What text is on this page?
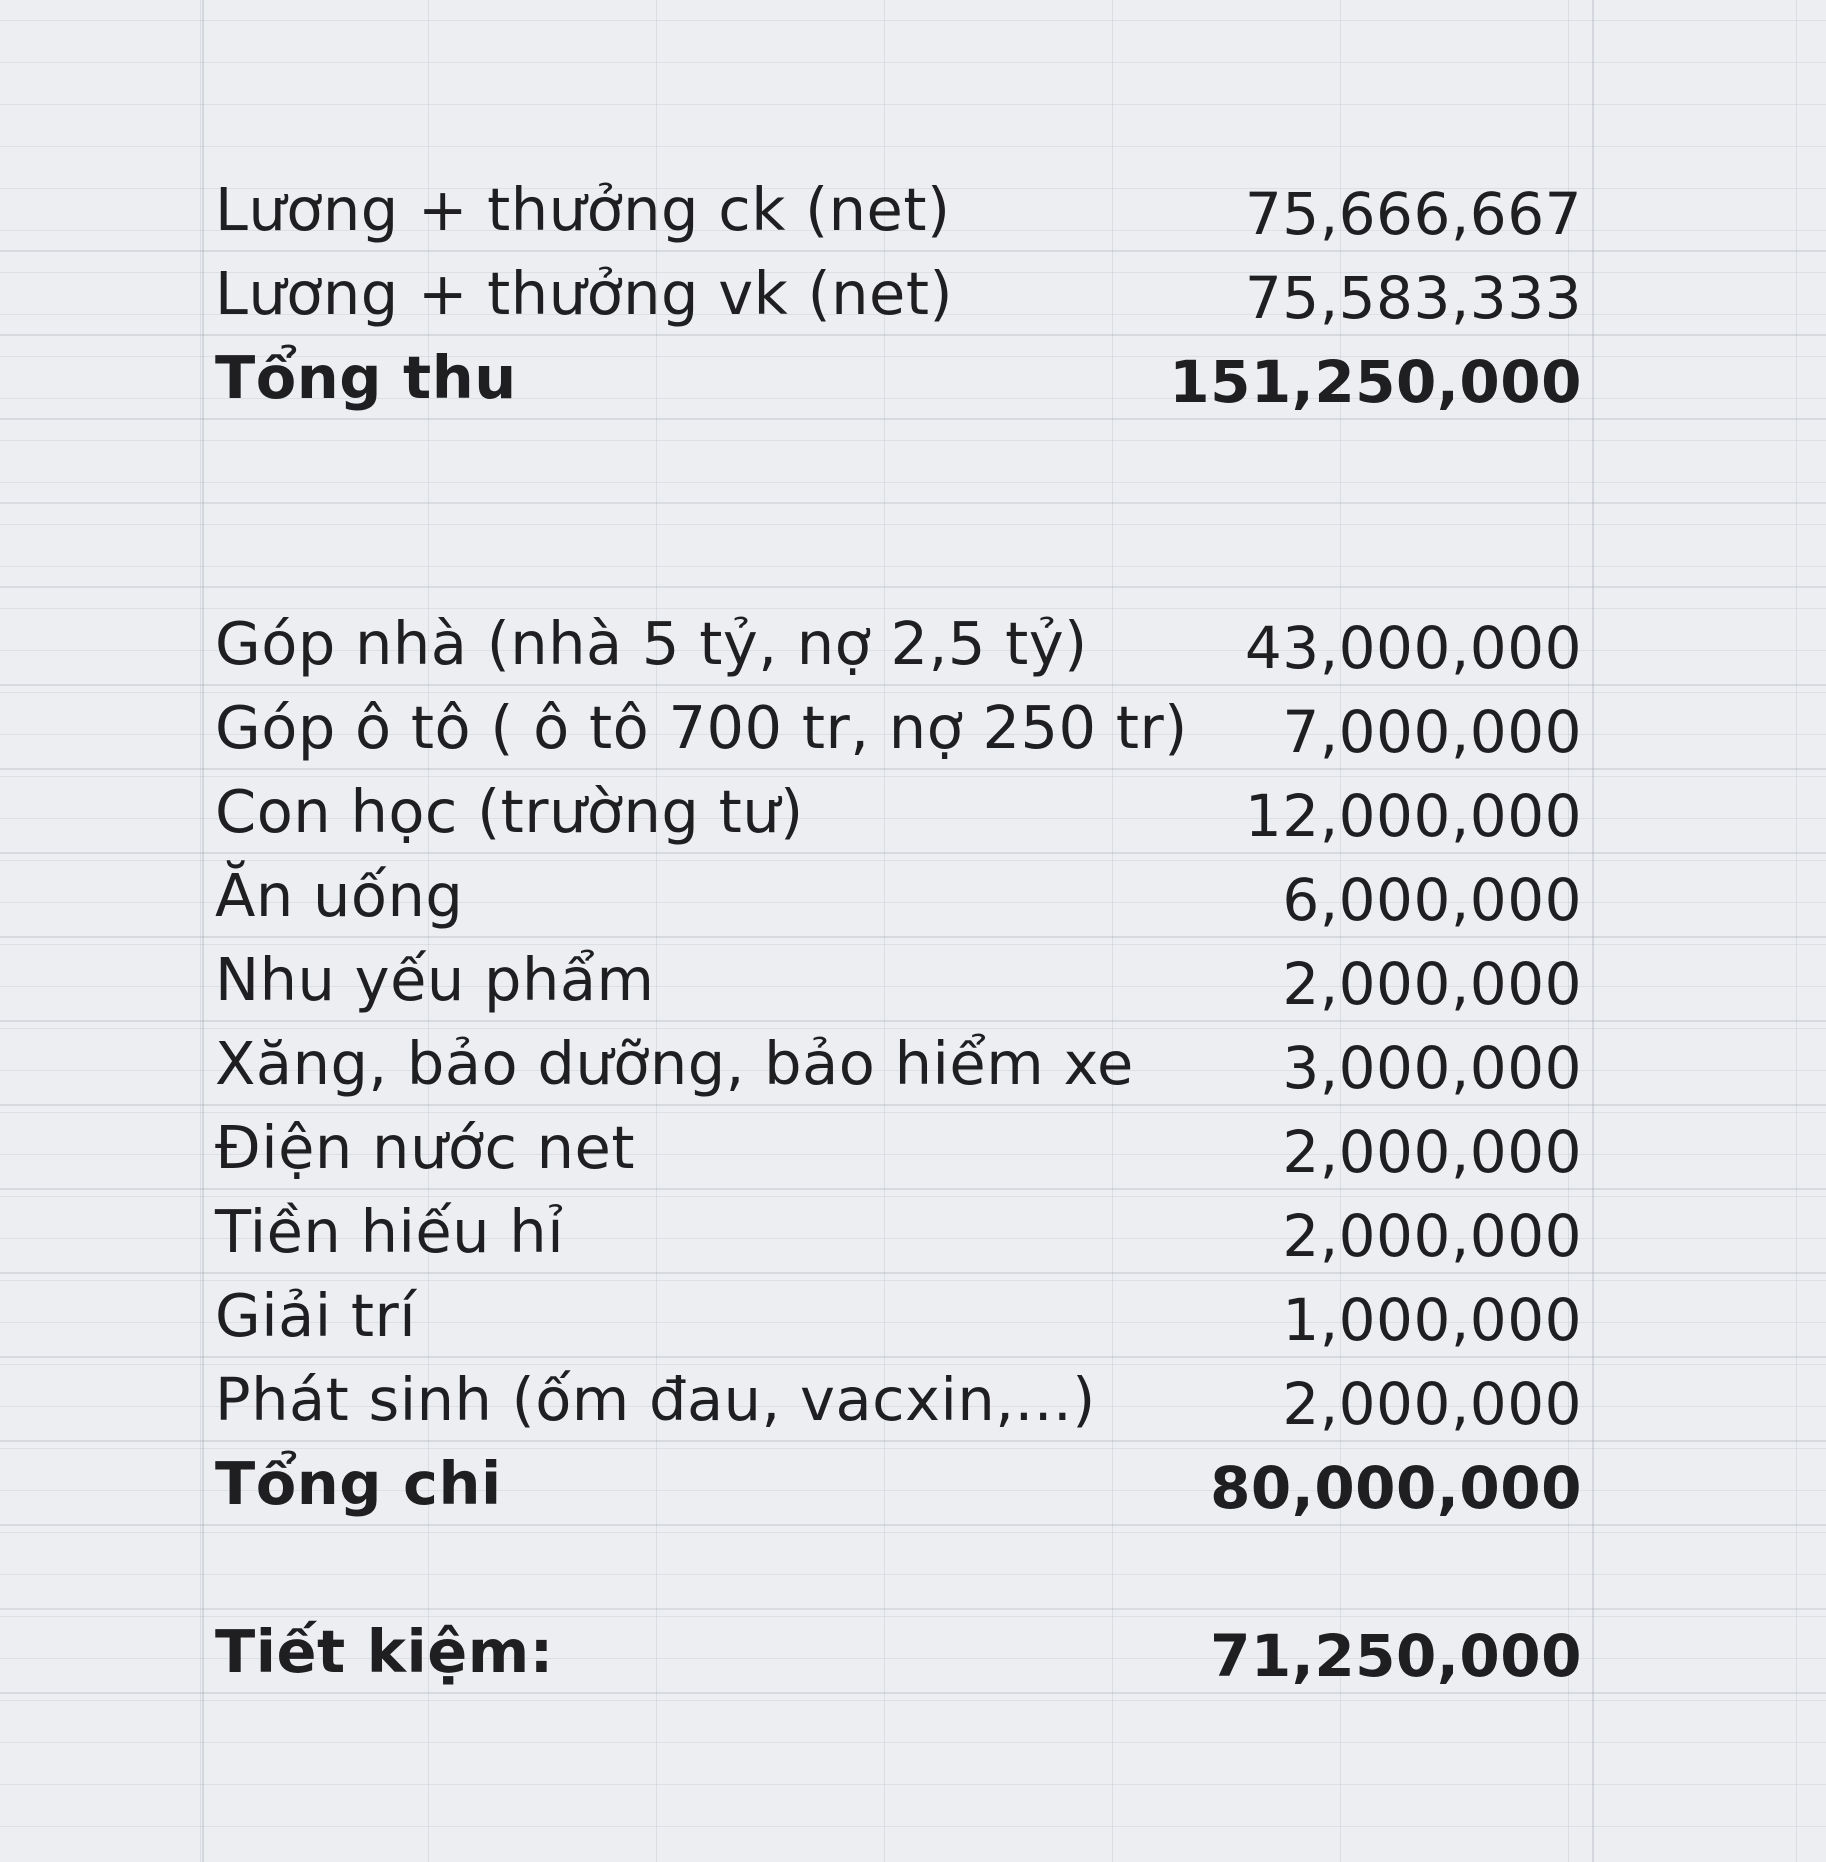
Lương + thưởng ck (net)	75,666,667
Lương + thưởng vk (net)	75,583,333
Tổng thu	151,250,000
Góp nhà (nhà 5 tỷ, nợ 2,5 tỷ)	43,000,000
Góp ô tô ( ô tô 700 tr, nợ 250 tr) 7,000,000
Con học (trường tư)	12,000,000
Ăn uống	6,000,000
Nhu yếu phẩm	2,000,000
Xăng, bảo dưỡng, bảo hiểm xe	3,000,000
Điện nước net	2,000,000
Tiền hiếu hỉ	2,000,000
Giải trí	1,000,000
Phát sinh (ốm đau, vacxin,...)	2,000,000
Tổng chi	80,000,000
Tiết kiệm:	71,250,000
